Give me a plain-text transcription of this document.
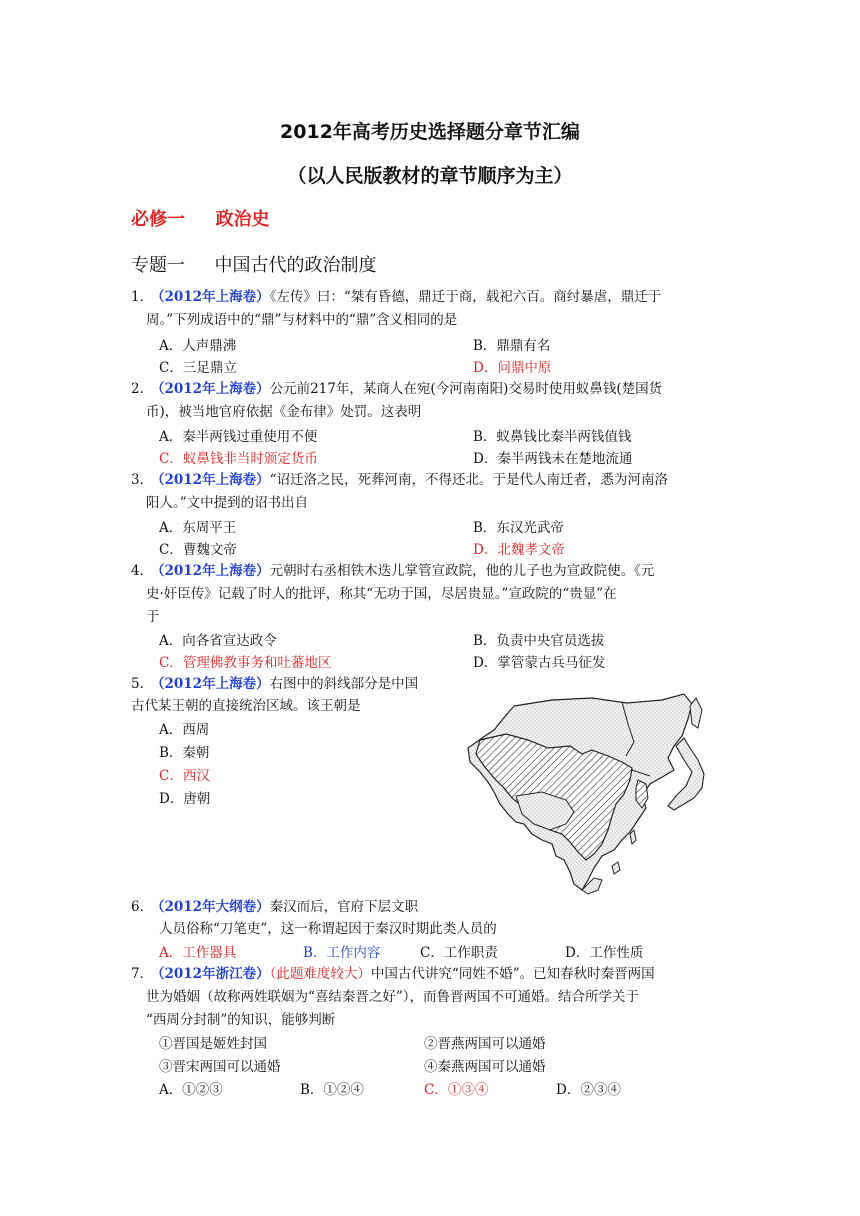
2012年高考历史选择题分章节汇编
（以人民版教材的章节顺序为主）
必修一 政治史
专题一 中国古代的政治制度
1．（2012年上海卷）《左传》曰：“桀有昏德，鼎迁于商，载祀六百。商纣暴虐，鼎迁于
周。”下列成语中的“鼎”与材料中的“鼎”含义相同的是
A．人声鼎沸	B．鼎鼎有名
C．三足鼎立	D．问鼎中原
2．（2012年上海卷）公元前217年，某商人在宛(今河南南阳)交易时使用蚁鼻钱(楚国货
币)，被当地官府依据《金布律》处罚。这表明
A．秦半两钱过重使用不便	B．蚁鼻钱比秦半两钱值钱
C．蚁鼻钱非当时颁定货币	D．秦半两钱未在楚地流通
3．（2012年上海卷）“诏迁洛之民，死葬河南，不得还北。于是代人南迁者，悉为河南洛
阳人。”文中提到的诏书出自
A．东周平王	B．东汉光武帝
C．曹魏文帝	D．北魏孝文帝
4．（2012年上海卷）元朝时右丞相铁木迭儿掌管宣政院，他的儿子也为宣政院使。《元
史·奸臣传》记载了时人的批评，称其“无功于国，尽居贵显。”宣政院的“贵显”在
于
A．向各省宣达政令	B．负责中央官员选拔
C．管理佛教事务和吐蕃地区	D．掌管蒙古兵马征发
5．（2012年上海卷）右图中的斜线部分是中国
古代某王朝的直接统治区域。该王朝是
A．西周
B．秦朝
C．西汉
D．唐朝
6．（2012年大纲卷）秦汉而后，官府下层文职
人员俗称“刀笔吏”，这一称谓起因于秦汉时期此类人员的
A．工作器具	B．工作内容	C．工作职责	D．工作性质
7．（2012年浙江卷）（此题难度较大）中国古代讲究“同姓不婚”。已知春秋时秦晋两国
世为婚姻（故称两姓联姻为“喜结秦晋之好”），而鲁晋两国不可通婚。结合所学关于
“西周分封制”的知识，能够判断
①晋国是姬姓封国	②晋燕两国可以通婚
③晋宋两国可以通婚	④秦燕两国可以通婚
A．①②③	B．①②④	C．①③④	D．②③④
